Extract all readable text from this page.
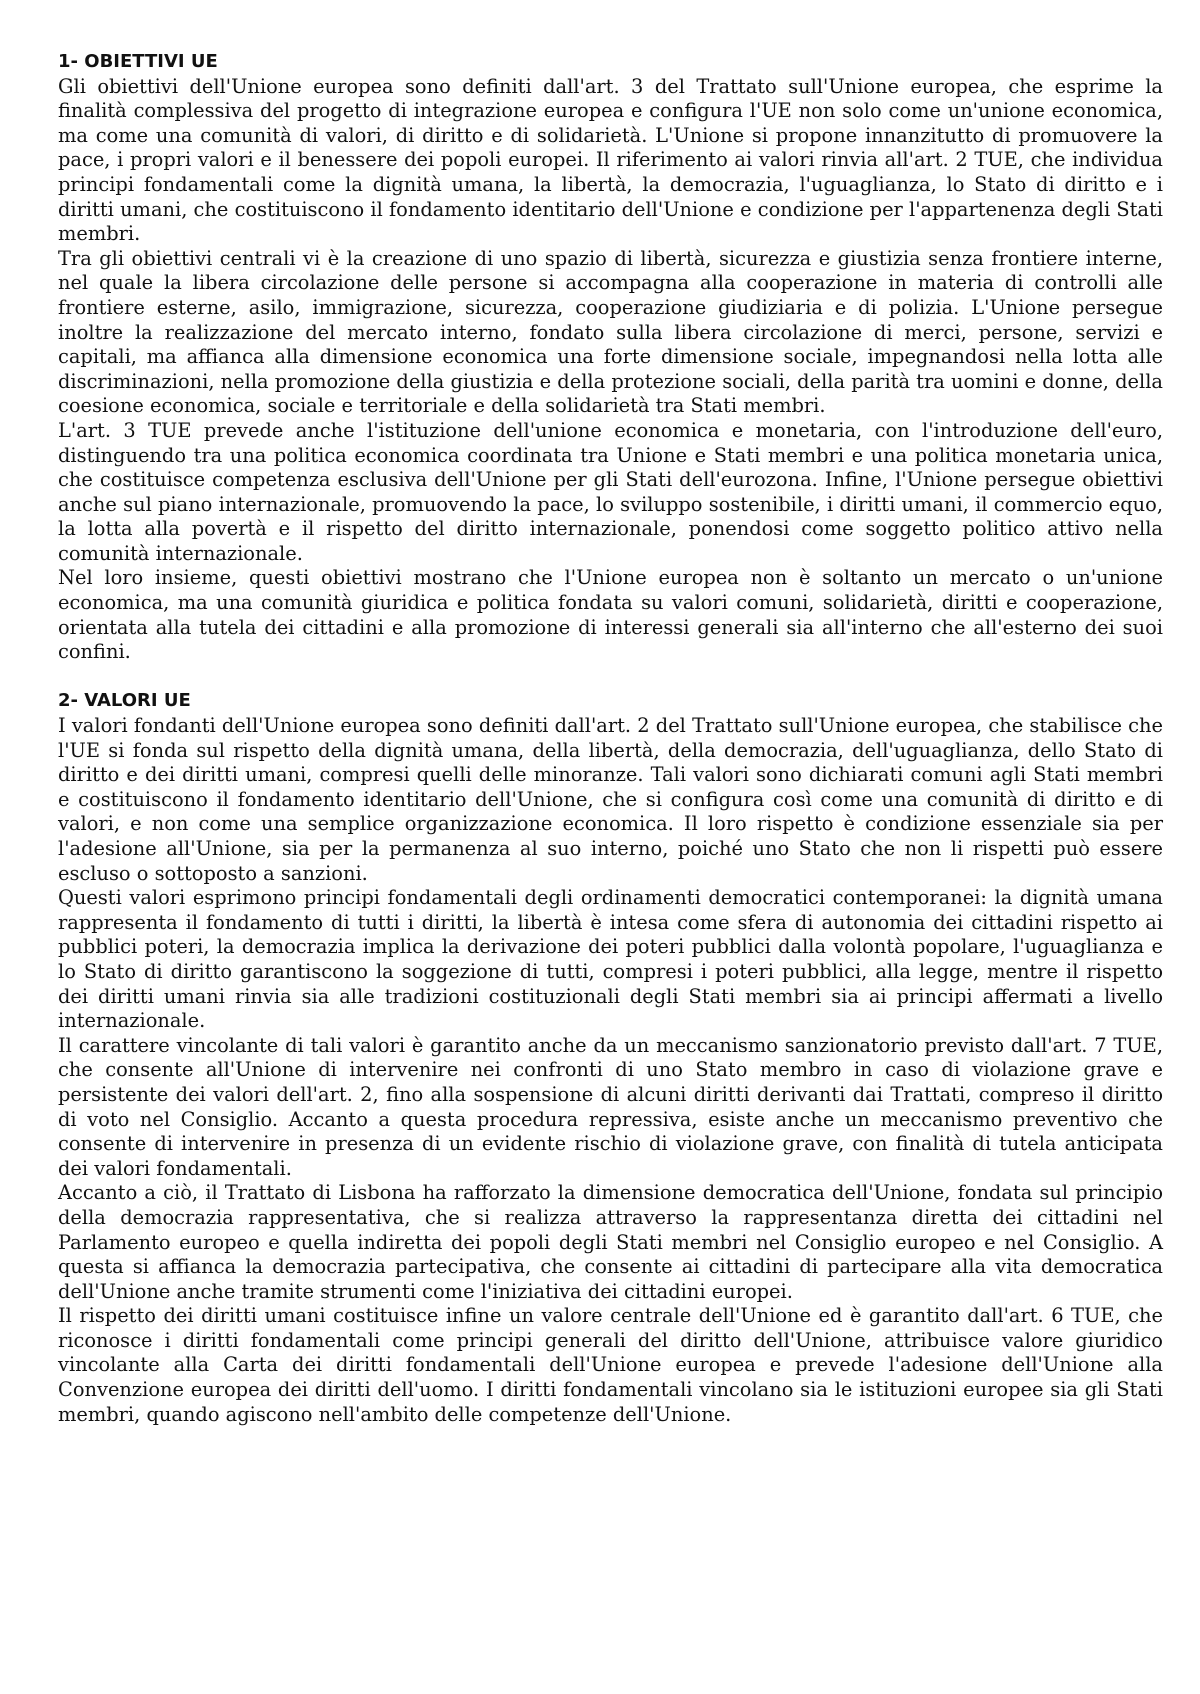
1- OBIETTIVI UE

Gli obiettivi dell'Unione europea sono definiti dall'art. 3 del Trattato sull'Unione europea, che esprime la finalità complessiva del progetto di integrazione europea e configura l'UE non solo come un'unione economica, ma come una comunità di valori, di diritto e di solidarietà. L'Unione si propone innanzitutto di promuovere la pace, i propri valori e il benessere dei popoli europei. Il riferimento ai valori rinvia all'art. 2 TUE, che individua principi fondamentali come la dignità umana, la libertà, la democrazia, l'uguaglianza, lo Stato di diritto e i diritti umani, che costituiscono il fondamento identitario dell'Unione e condizione per l'appartenenza degli Stati membri.

Tra gli obiettivi centrali vi è la creazione di uno spazio di libertà, sicurezza e giustizia senza frontiere interne, nel quale la libera circolazione delle persone si accompagna alla cooperazione in materia di controlli alle frontiere esterne, asilo, immigrazione, sicurezza, cooperazione giudiziaria e di polizia. L'Unione persegue inoltre la realizzazione del mercato interno, fondato sulla libera circolazione di merci, persone, servizi e capitali, ma affianca alla dimensione economica una forte dimensione sociale, impegnandosi nella lotta alle discriminazioni, nella promozione della giustizia e della protezione sociali, della parità tra uomini e donne, della coesione economica, sociale e territoriale e della solidarietà tra Stati membri.

L'art. 3 TUE prevede anche l'istituzione dell'unione economica e monetaria, con l'introduzione dell'euro, distinguendo tra una politica economica coordinata tra Unione e Stati membri e una politica monetaria unica, che costituisce competenza esclusiva dell'Unione per gli Stati dell'eurozona. Infine, l'Unione persegue obiettivi anche sul piano internazionale, promuovendo la pace, lo sviluppo sostenibile, i diritti umani, il commercio equo, la lotta alla povertà e il rispetto del diritto internazionale, ponendosi come soggetto politico attivo nella comunità internazionale.

Nel loro insieme, questi obiettivi mostrano che l'Unione europea non è soltanto un mercato o un'unione economica, ma una comunità giuridica e politica fondata su valori comuni, solidarietà, diritti e cooperazione, orientata alla tutela dei cittadini e alla promozione di interessi generali sia all'interno che all'esterno dei suoi confini.

2- VALORI UE

I valori fondanti dell'Unione europea sono definiti dall'art. 2 del Trattato sull'Unione europea, che stabilisce che l'UE si fonda sul rispetto della dignità umana, della libertà, della democrazia, dell'uguaglianza, dello Stato di diritto e dei diritti umani, compresi quelli delle minoranze. Tali valori sono dichiarati comuni agli Stati membri e costituiscono il fondamento identitario dell'Unione, che si configura così come una comunità di diritto e di valori, e non come una semplice organizzazione economica. Il loro rispetto è condizione essenziale sia per l'adesione all'Unione, sia per la permanenza al suo interno, poiché uno Stato che non li rispetti può essere escluso o sottoposto a sanzioni.

Questi valori esprimono principi fondamentali degli ordinamenti democratici contemporanei: la dignità umana rappresenta il fondamento di tutti i diritti, la libertà è intesa come sfera di autonomia dei cittadini rispetto ai pubblici poteri, la democrazia implica la derivazione dei poteri pubblici dalla volontà popolare, l'uguaglianza e lo Stato di diritto garantiscono la soggezione di tutti, compresi i poteri pubblici, alla legge, mentre il rispetto dei diritti umani rinvia sia alle tradizioni costituzionali degli Stati membri sia ai principi affermati a livello internazionale.

Il carattere vincolante di tali valori è garantito anche da un meccanismo sanzionatorio previsto dall'art. 7 TUE, che consente all'Unione di intervenire nei confronti di uno Stato membro in caso di violazione grave e persistente dei valori dell'art. 2, fino alla sospensione di alcuni diritti derivanti dai Trattati, compreso il diritto di voto nel Consiglio. Accanto a questa procedura repressiva, esiste anche un meccanismo preventivo che consente di intervenire in presenza di un evidente rischio di violazione grave, con finalità di tutela anticipata dei valori fondamentali.

Accanto a ciò, il Trattato di Lisbona ha rafforzato la dimensione democratica dell'Unione, fondata sul principio della democrazia rappresentativa, che si realizza attraverso la rappresentanza diretta dei cittadini nel Parlamento europeo e quella indiretta dei popoli degli Stati membri nel Consiglio europeo e nel Consiglio. A questa si affianca la democrazia partecipativa, che consente ai cittadini di partecipare alla vita democratica dell'Unione anche tramite strumenti come l'iniziativa dei cittadini europei.

Il rispetto dei diritti umani costituisce infine un valore centrale dell'Unione ed è garantito dall'art. 6 TUE, che riconosce i diritti fondamentali come principi generali del diritto dell'Unione, attribuisce valore giuridico vincolante alla Carta dei diritti fondamentali dell'Unione europea e prevede l'adesione dell'Unione alla Convenzione europea dei diritti dell'uomo. I diritti fondamentali vincolano sia le istituzioni europee sia gli Stati membri, quando agiscono nell'ambito delle competenze dell'Unione.
